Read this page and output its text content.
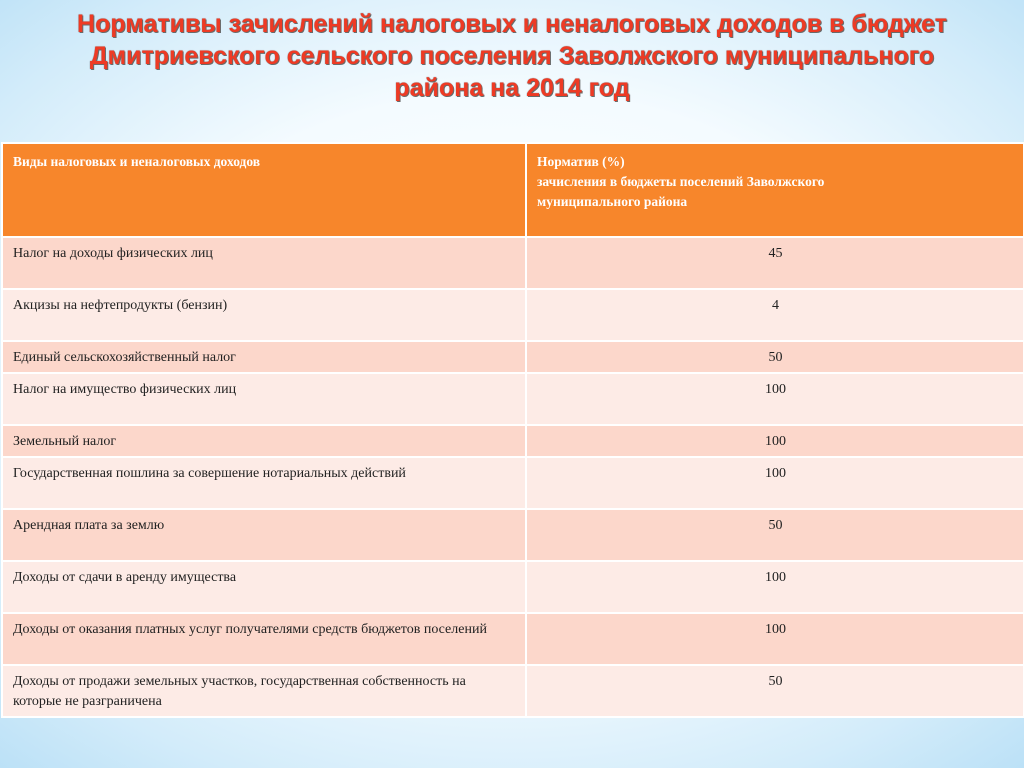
Нормативы зачислений налоговых и неналоговых доходов в бюджет
Дмитриевского сельского поселения Заволжского муниципального
района на 2014 год
Виды налоговых и неналоговых доходов	Норматив (%)
зачисления в бюджеты поселений Заволжского
муниципального района

Налог на доходы физических лиц	45
Акцизы на нефтепродукты (бензин)	4
Единый сельскохозяйственный налог	50
Налог на имущество физических лиц	100
Земельный налог	100
Государственная пошлина за совершение нотариальных действий	100
Арендная плата за землю	50
Доходы от сдачи в аренду имущества	100
Доходы от оказания платных услуг получателями средств бюджетов поселений	100
Доходы от продажи земельных участков, государственная собственность на которые не разграничена	50
